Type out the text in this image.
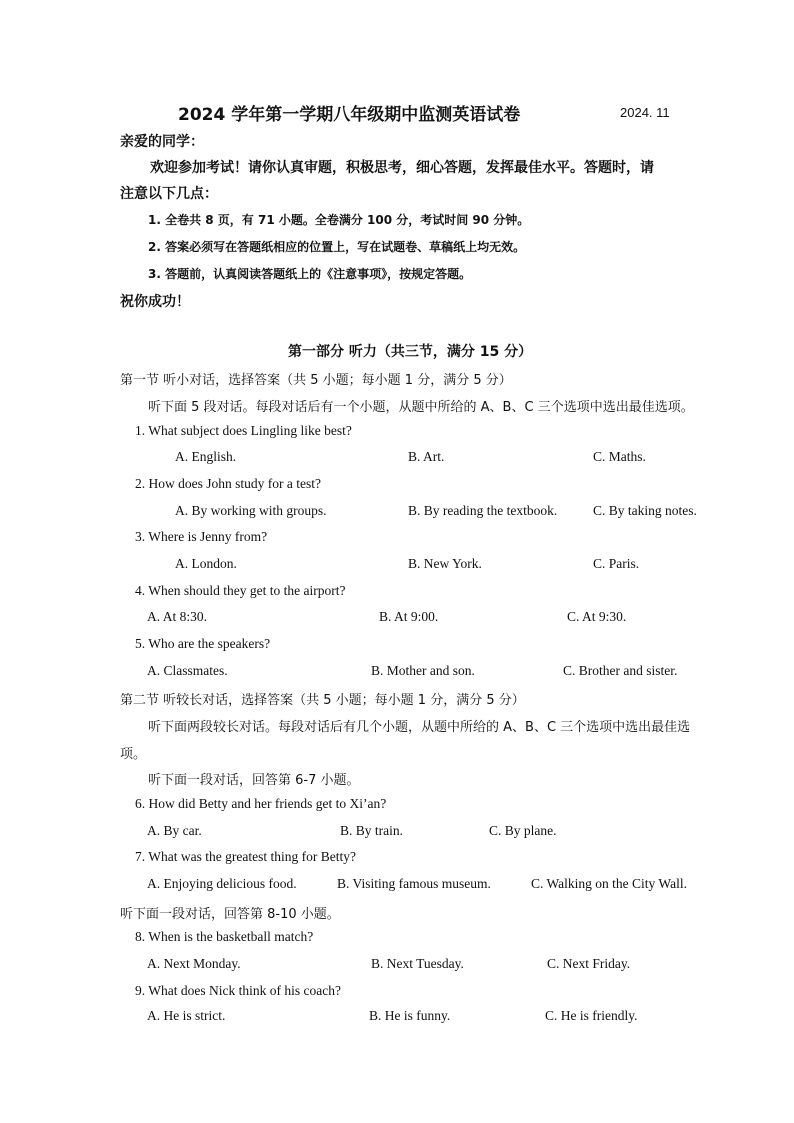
2024 学年第一学期八年级期中监测英语试卷	2024. 11
亲爱的同学：
欢迎参加考试！请你认真审题，积极思考，细心答题，发挥最佳水平。答题时，请
注意以下几点：
1. 全卷共 8 页，有 71 小题。全卷满分 100 分，考试时间 90 分钟。
2. 答案必须写在答题纸相应的位置上，写在试题卷、草稿纸上均无效。
3. 答题前，认真阅读答题纸上的《注意事项》，按规定答题。
祝你成功！
第一部分 听力（共三节，满分 15 分）
第一节 听小对话，选择答案（共 5 小题；每小题 1 分，满分 5 分）
听下面 5 段对话。每段对话后有一个小题，从题中所给的 A、B、C 三个选项中选出最佳选项。
1. What subject does Lingling like best?
A. English.	B. Art.	C. Maths.
2. How does John study for a test?
A. By working with groups.	B. By reading the textbook.	C. By taking notes.
3. Where is Jenny from?
A. London.	B. New York.	C. Paris.
4. When should they get to the airport?
A. At 8:30.	B. At 9:00.	C. At 9:30.
5. Who are the speakers?
A. Classmates.	B. Mother and son.	C. Brother and sister.
第二节 听较长对话，选择答案（共 5 小题；每小题 1 分，满分 5 分）
听下面两段较长对话。每段对话后有几个小题，从题中所给的 A、B、C 三个选项中选出最佳选
项。
听下面一段对话，回答第 6-7 小题。
6. How did Betty and her friends get to Xi’an?
A. By car.	B. By train.	C. By plane.
7. What was the greatest thing for Betty?
A. Enjoying delicious food.	B. Visiting famous museum.	C. Walking on the City Wall.
听下面一段对话，回答第 8-10 小题。
8. When is the basketball match?
A. Next Monday.	B. Next Tuesday.	C. Next Friday.
9. What does Nick think of his coach?
A. He is strict.	B. He is funny.	C. He is friendly.
